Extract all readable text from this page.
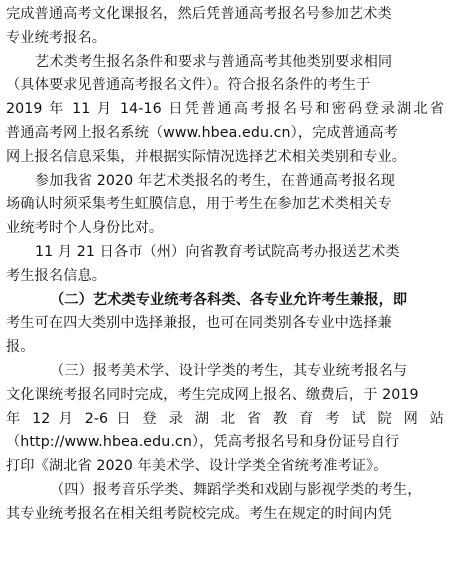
完成普通高考文化课报名，然后凭普通高考报名号参加艺术类
专业统考报名。
艺术类考生报名条件和要求与普通高考其他类别要求相同
（具体要求见普通高考报名文件）。符合报名条件的考生于
2019 年 11 月 14-16 日凭普通高考报名号和密码登录湖北省
普通高考网上报名系统（www.hbea.edu.cn），完成普通高考
网上报名信息采集，并根据实际情况选择艺术相关类别和专业。
参加我省 2020 年艺术类报名的考生，在普通高考报名现
场确认时须采集考生虹膜信息，用于考生在参加艺术类相关专
业统考时个人身份比对。
11 月 21 日各市（州）向省教育考试院高考办报送艺术类
考生报名信息。
（二）艺术类专业统考各科类、各专业允许考生兼报，即
考生可在四大类别中选择兼报，也可在同类别各专业中选择兼
报。
（三）报考美术学、设计学类的考生，其专业统考报名与
文化课统考报名同时完成，考生完成网上报名、缴费后，于 2019
年 12 月 2-6 日 登 录 湖 北 省 教 育 考 试 院 网 站
（http://www.hbea.edu.cn），凭高考报名号和身份证号自行
打印《湖北省 2020 年美术学、设计学类全省统考准考证》。
（四）报考音乐学类、舞蹈学类和戏剧与影视学类的考生，
其专业统考报名在相关组考院校完成。考生在规定的时间内凭
